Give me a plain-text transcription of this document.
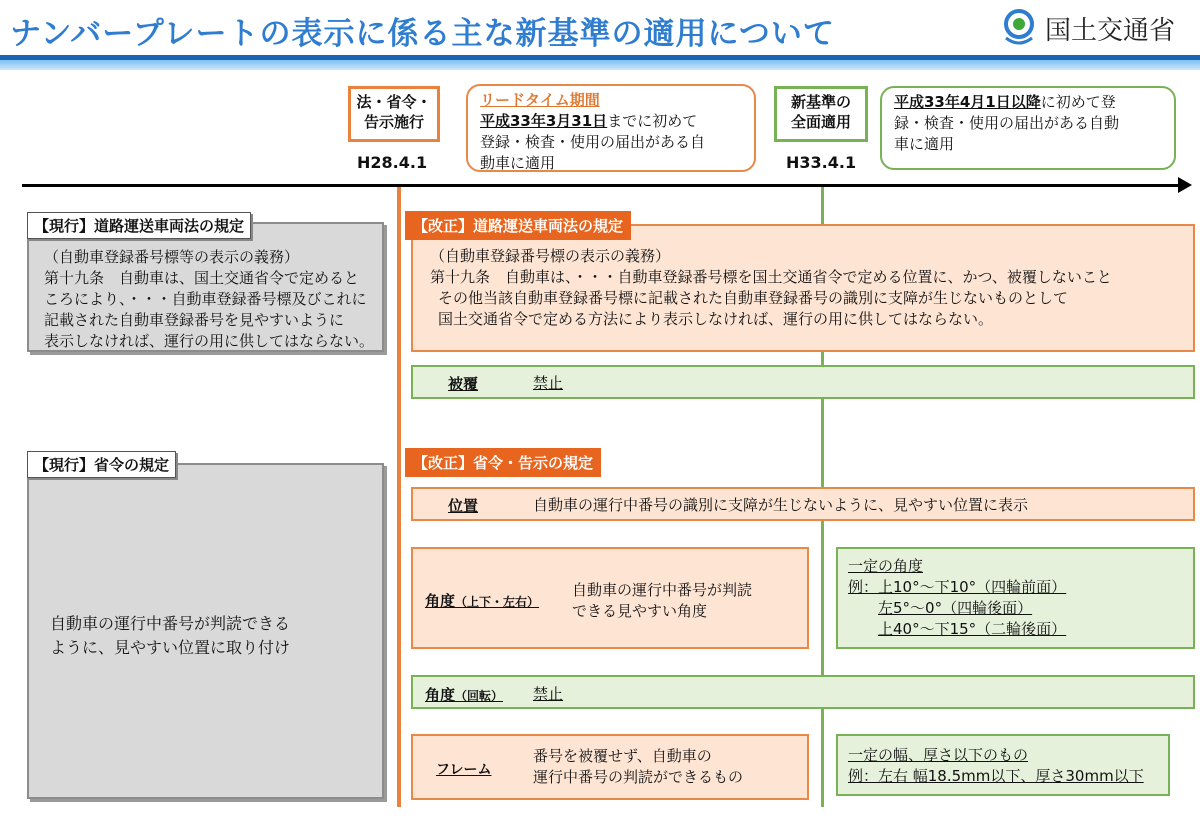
ナンバープレートの表示に係る主な新基準の適用について	国土交通省
法・省令・
告示施行
H28.4.1
リードタイム期間
平成33年3月31日までに初めて
登録・検査・使用の届出がある自
動車に適用
新基準の
全面適用
H33.4.1
平成33年4月1日以降に初めて登
録・検査・使用の届出がある自動
車に適用
【現行】道路運送車両法の規定
（自動車登録番号標等の表示の義務）
第十九条　自動車は、国土交通省令で定めると
ころにより、・・・自動車登録番号標及びこれに
記載された自動車登録番号を見やすいように
表示しなければ、運行の用に供してはならない。
【改正】道路運送車両法の規定
（自動車登録番号標の表示の義務）
第十九条　自動車は、・・・自動車登録番号標を国土交通省令で定める位置に、かつ、被覆しないこと
その他当該自動車登録番号標に記載された自動車登録番号の識別に支障が生じないものとして
国土交通省令で定める方法により表示しなければ、運行の用に供してはならない。
被覆	禁止
【現行】省令の規定
自動車の運行中番号が判読できる
ように、見やすい位置に取り付け
【改正】省令・告示の規定
位置	自動車の運行中番号の識別に支障が生じないように、見やすい位置に表示
角度（上下・左右）
自動車の運行中番号が判読
できる見やすい角度
一定の角度
例：上10°～下10°（四輪前面）
左5°～0°（四輪後面）
上40°～下15°（二輪後面）
角度（回転） 禁止
フレーム
番号を被覆せず、自動車の
運行中番号の判読ができるもの
一定の幅、厚さ以下のもの
例：左右 幅18.5mm以下、厚さ30mm以下
